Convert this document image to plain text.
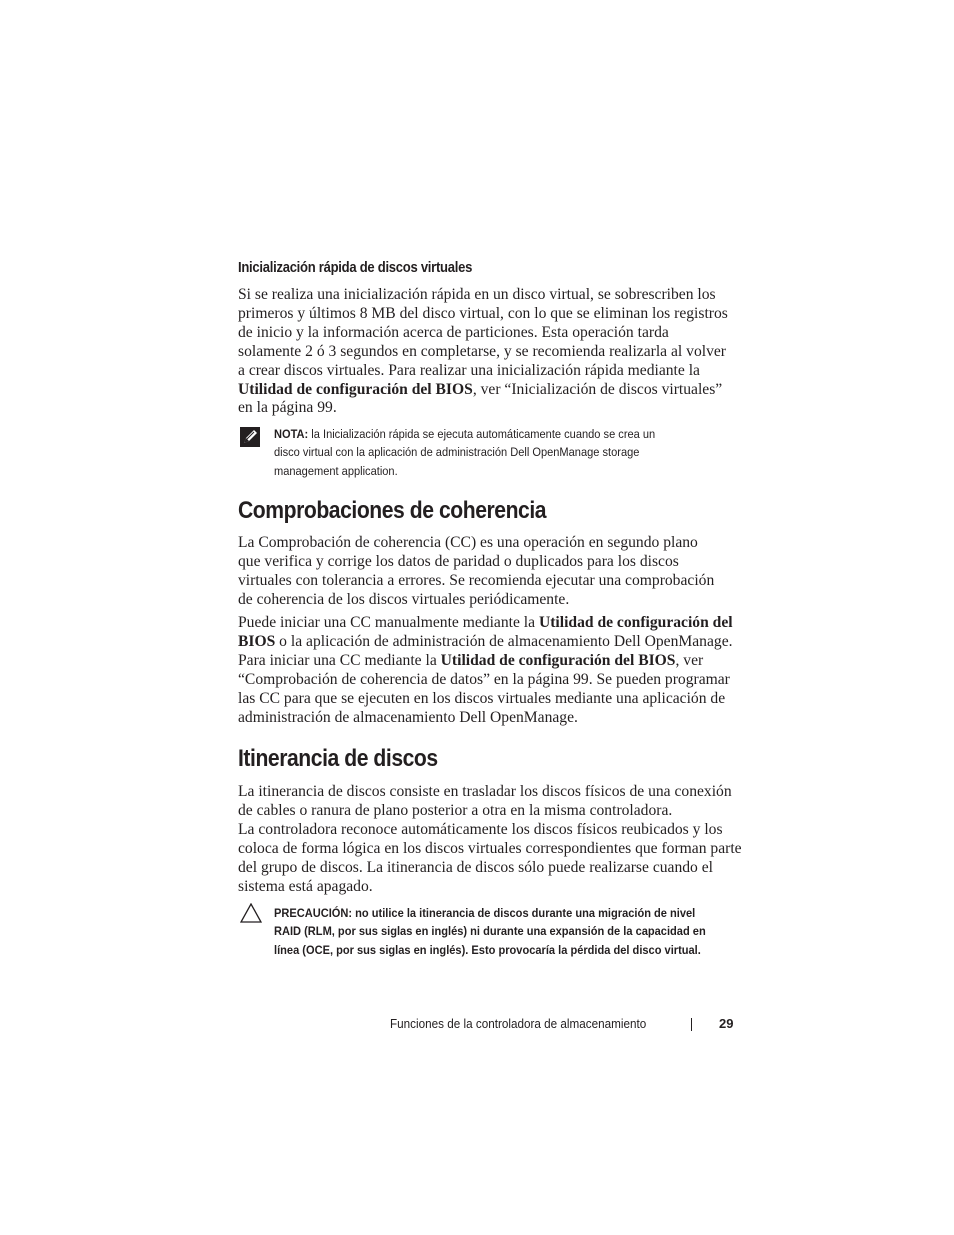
Inicialización rápida de discos virtuales
Si se realiza una inicialización rápida en un disco virtual, se sobrescriben los
primeros y últimos 8 MB del disco virtual, con lo que se eliminan los registros
de inicio y la información acerca de particiones. Esta operación tarda
solamente 2 ó 3 segundos en completarse, y se recomienda realizarla al volver
a crear discos virtuales. Para realizar una inicialización rápida mediante la
Utilidad de configuración del BIOS, ver “Inicialización de discos virtuales”
en la página 99.
NOTA: la Inicialización rápida se ejecuta automáticamente cuando se crea un
disco virtual con la aplicación de administración Dell OpenManage storage
management application.
Comprobaciones de coherencia
La Comprobación de coherencia (CC) es una operación en segundo plano
que verifica y corrige los datos de paridad o duplicados para los discos
virtuales con tolerancia a errores. Se recomienda ejecutar una comprobación
de coherencia de los discos virtuales periódicamente.
Puede iniciar una CC manualmente mediante la Utilidad de configuración del
BIOS o la aplicación de administración de almacenamiento Dell OpenManage.
Para iniciar una CC mediante la Utilidad de configuración del BIOS, ver
“Comprobación de coherencia de datos” en la página 99. Se pueden programar
las CC para que se ejecuten en los discos virtuales mediante una aplicación de
administración de almacenamiento Dell OpenManage.
Itinerancia de discos
La itinerancia de discos consiste en trasladar los discos físicos de una conexión
de cables o ranura de plano posterior a otra en la misma controladora.
La controladora reconoce automáticamente los discos físicos reubicados y los
coloca de forma lógica en los discos virtuales correspondientes que forman parte
del grupo de discos. La itinerancia de discos sólo puede realizarse cuando el
sistema está apagado.
PRECAUCIÓN: no utilice la itinerancia de discos durante una migración de nivel
RAID (RLM, por sus siglas en inglés) ni durante una expansión de la capacidad en
línea (OCE, por sus siglas en inglés). Esto provocaría la pérdida del disco virtual.
Funciones de la controladora de almacenamiento	29
